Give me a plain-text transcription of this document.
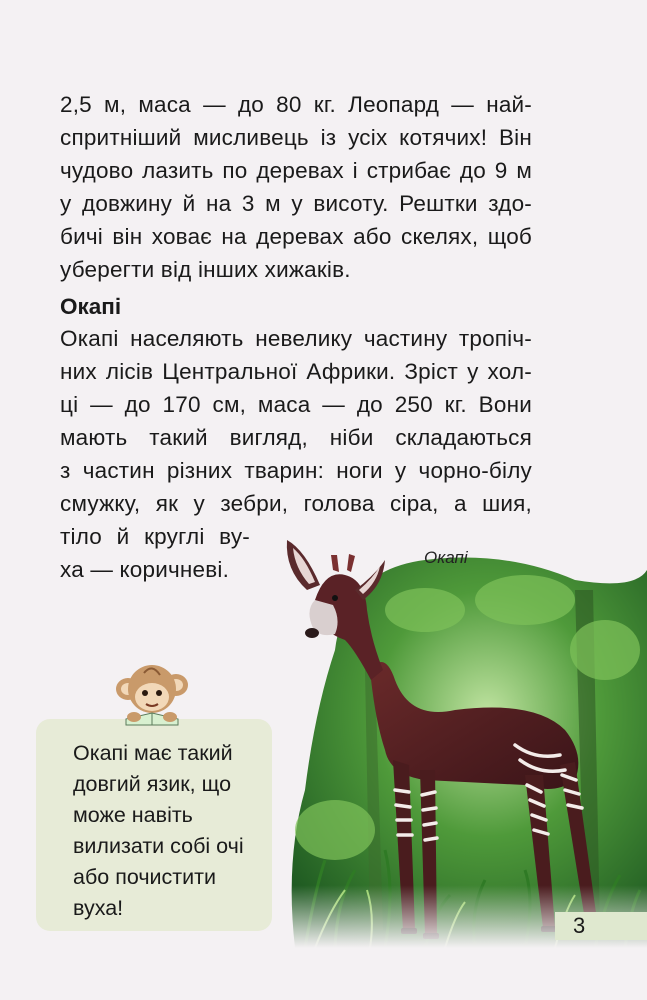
2,5 м, маса — до 80 кг. Леопард — най-
спритніший мисливець із усіх котячих! Він
чудово лазить по деревах і стрибає до 9 м
у довжину й на 3 м у висоту. Рештки здо-
бичі він ховає на деревах або скелях, щоб
уберегти від інших хижаків.
Окапі
Окапі населяють невелику частину тропіч-
них лісів Центральної Африки. Зріст у хол-
ці — до 170 см, маса — до 250 кг. Вони
мають такий вигляд, ніби складаються
з частин різних тварин: ноги у чорно-білу
смужку, як у зебри, голова сіра, а шия,
тіло й круглі ву-
ха — коричневі.	Окапі
Окапі має такий
довгий язик, що
може навіть
вилизати собі очі
або почистити
вуха!
3
